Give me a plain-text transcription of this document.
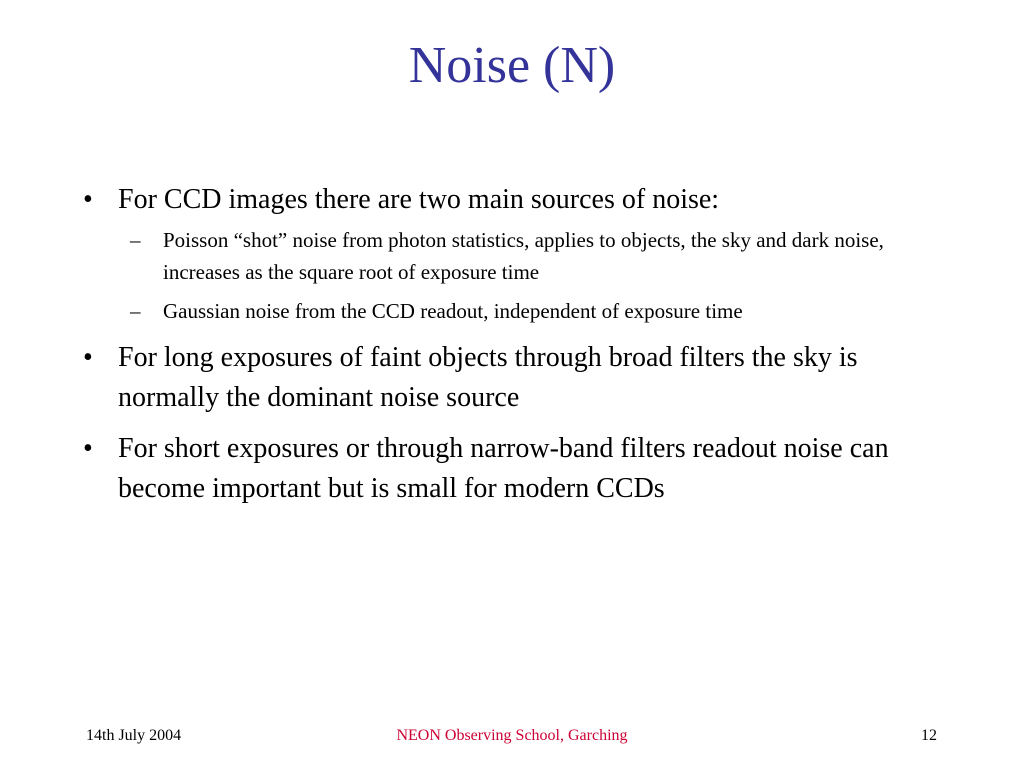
Noise (N)
• For CCD images there are two main sources of noise:
– Poisson “shot” noise from photon statistics, applies to objects, the sky and dark noise, increases as the square root of exposure time
– Gaussian noise from the CCD readout, independent of exposure time
• For long exposures of faint objects through broad filters the sky is normally the dominant noise source
• For short exposures or through narrow-band filters readout noise can become important but is small for modern CCDs
14th July 2004	NEON Observing School, Garching	12
